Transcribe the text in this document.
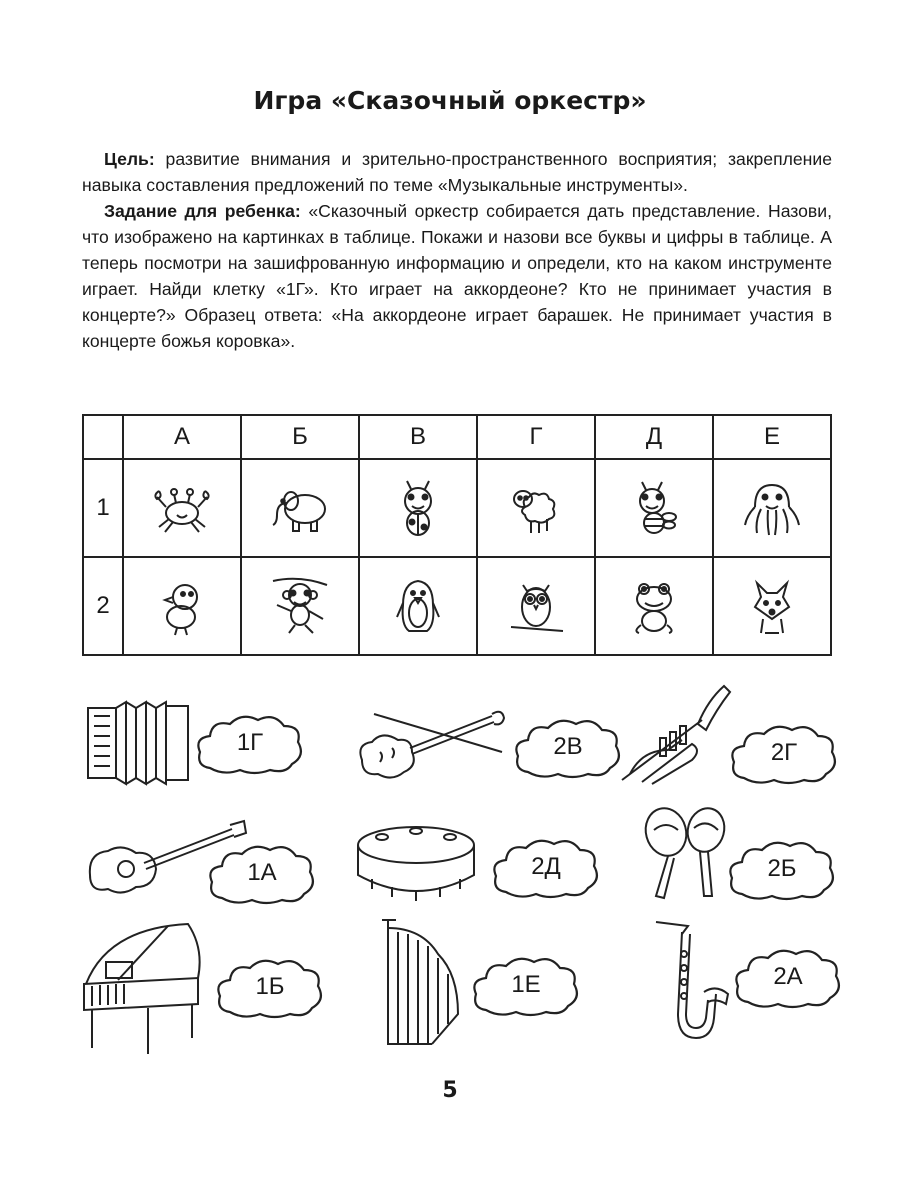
Игра «Сказочный оркестр»

Цель: развитие внимания и зрительно-пространственного восприятия; закрепление навыка составления предложений по теме «Музыкальные инструменты».

Задание для ребенка: «Сказочный оркестр собирается дать представление. Назови, что изображено на картинках в таблице. Покажи и назови все буквы и цифры в таблице. А теперь посмотри на зашифрованную информацию и определи, кто на каком инструменте играет. Найди клетку «1Г». Кто играет на аккордеоне? Кто не принимает участия в концерте?» Образец ответа: «На аккордеоне играет барашек. Не принимает участия в концерте божья коровка».

	А	Б	В	Г	Д	Е
1	

2	

1Г	2В	2Г
1А	2Д	2Б
1Б	1Е	2А
5
